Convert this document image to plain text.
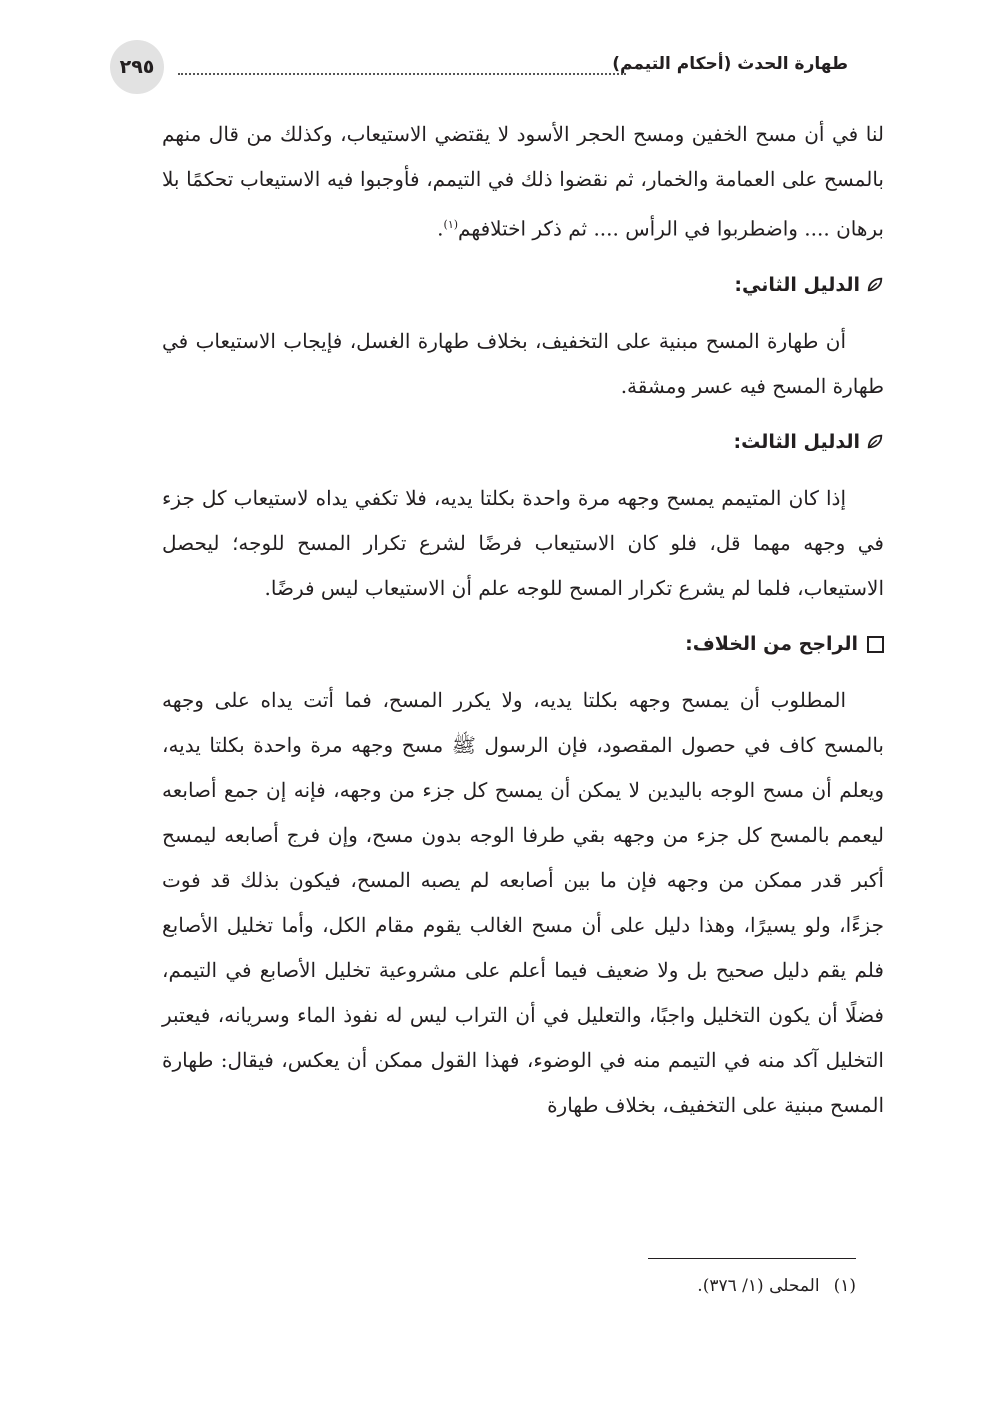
٢٩٥	طهارة الحدث (أحكام التيمم)

لنا في أن مسح الخفين ومسح الحجر الأسود لا يقتضي الاستيعاب، وكذلك من قال منهم بالمسح على العمامة والخمار، ثم نقضوا ذلك في التيمم، فأوجبوا فيه الاستيعاب تحكمًا بلا برهان .... واضطربوا في الرأس .... ثم ذكر اختلافهم$^{(١)}$.

الدليل الثاني:

أن طهارة المسح مبنية على التخفيف، بخلاف طهارة الغسل، فإيجاب الاستيعاب في طهارة المسح فيه عسر ومشقة.

الدليل الثالث:

إذا كان المتيمم يمسح وجهه مرة واحدة بكلتا يديه، فلا تكفي يداه لاستيعاب كل جزء في وجهه مهما قل، فلو كان الاستيعاب فرضًا لشرع تكرار المسح للوجه؛ ليحصل الاستيعاب، فلما لم يشرع تكرار المسح للوجه علم أن الاستيعاب ليس فرضًا.

الراجح من الخلاف:

المطلوب أن يمسح وجهه بكلتا يديه، ولا يكرر المسح، فما أتت يداه على وجهه بالمسح كاف في حصول المقصود، فإن الرسول ﷺ مسح وجهه مرة واحدة بكلتا يديه، ويعلم أن مسح الوجه باليدين لا يمكن أن يمسح كل جزء من وجهه، فإنه إن جمع أصابعه ليعمم بالمسح كل جزء من وجهه بقي طرفا الوجه بدون مسح، وإن فرج أصابعه ليمسح أكبر قدر ممكن من وجهه فإن ما بين أصابعه لم يصبه المسح، فيكون بذلك قد فوت جزءًا، ولو يسيرًا، وهذا دليل على أن مسح الغالب يقوم مقام الكل، وأما تخليل الأصابع فلم يقم دليل صحيح بل ولا ضعيف فيما أعلم على مشروعية تخليل الأصابع في التيمم، فضلًا أن يكون التخليل واجبًا، والتعليل في أن التراب ليس له نفوذ الماء وسريانه، فيعتبر التخليل آكد منه في التيمم منه في الوضوء، فهذا القول ممكن أن يعكس، فيقال: طهارة المسح مبنية على التخفيف، بخلاف طهارة

(١)المحلى (١/ ٣٧٦).
